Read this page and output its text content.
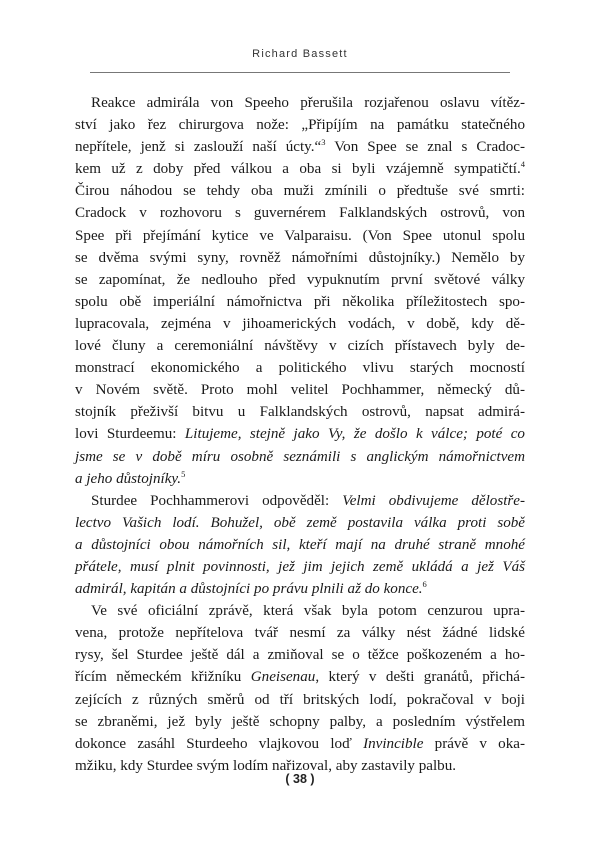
Richard Bassett
Reakce admirála von Speeho přerušila rozjařenou oslavu vítěz-
ství jako řez chirurgova nože: „Připíjím na památku statečného
nepřítele, jenž si zaslouží naší úcty.“$^3$ Von Spee se znal s Cradoc-
kem už z doby před válkou a oba si byli vzájemně sympatičtí.$^4$
Čirou náhodou se tehdy oba muži zmínili o předtuše své smrti:
Cradock v rozhovoru s guvernérem Falklandských ostrovů, von
Spee při přejímání kytice ve Valparaisu. (Von Spee utonul spolu
se dvěma svými syny, rovněž námořními důstojníky.) Nemělo by
se zapomínat, že nedlouho před vypuknutím první světové války
spolu obě imperiální námořnictva při několika příležitostech spo-
lupracovala, zejména v jihoamerických vodách, v době, kdy dě-
lové čluny a ceremoniální návštěvy v cizích přístavech byly de-
monstrací ekonomického a politického vlivu starých mocností
v Novém světě. Proto mohl velitel Pochhammer, německý dů-
stojník přeživší bitvu u Falklandských ostrovů, napsat admirá-
lovi Sturdeemu: Litujeme, stejně jako Vy, že došlo k válce; poté co
jsme se v době míru osobně seznámili s anglickým námořnictvem
a jeho důstojníky.$^5$
Sturdee Pochhammerovi odpověděl: Velmi obdivujeme dělostře-
lectvo Vašich lodí. Bohužel, obě země postavila válka proti sobě
a důstojníci obou námořních sil, kteří mají na druhé straně mnohé
přátele, musí plnit povinnosti, jež jim jejich země ukládá a jež Váš
admirál, kapitán a důstojníci po právu plnili až do konce.$^6$
Ve své oficiální zprávě, která však byla potom cenzurou upra-
vena, protože nepřítelova tvář nesmí za války nést žádné lidské
rysy, šel Sturdee ještě dál a zmiňoval se o těžce poškozeném a ho-
řícím německém křižníku Gneisenau, který v dešti granátů, přichá-
zejících z různých směrů od tří britských lodí, pokračoval v boji
se zbraněmi, jež byly ještě schopny palby, a posledním výstřelem
dokonce zasáhl Sturdeeho vlajkovou loď Invincible právě v oka-
mžiku, kdy Sturdee svým lodím nařizoval, aby zastavily palbu.
( 38 )
